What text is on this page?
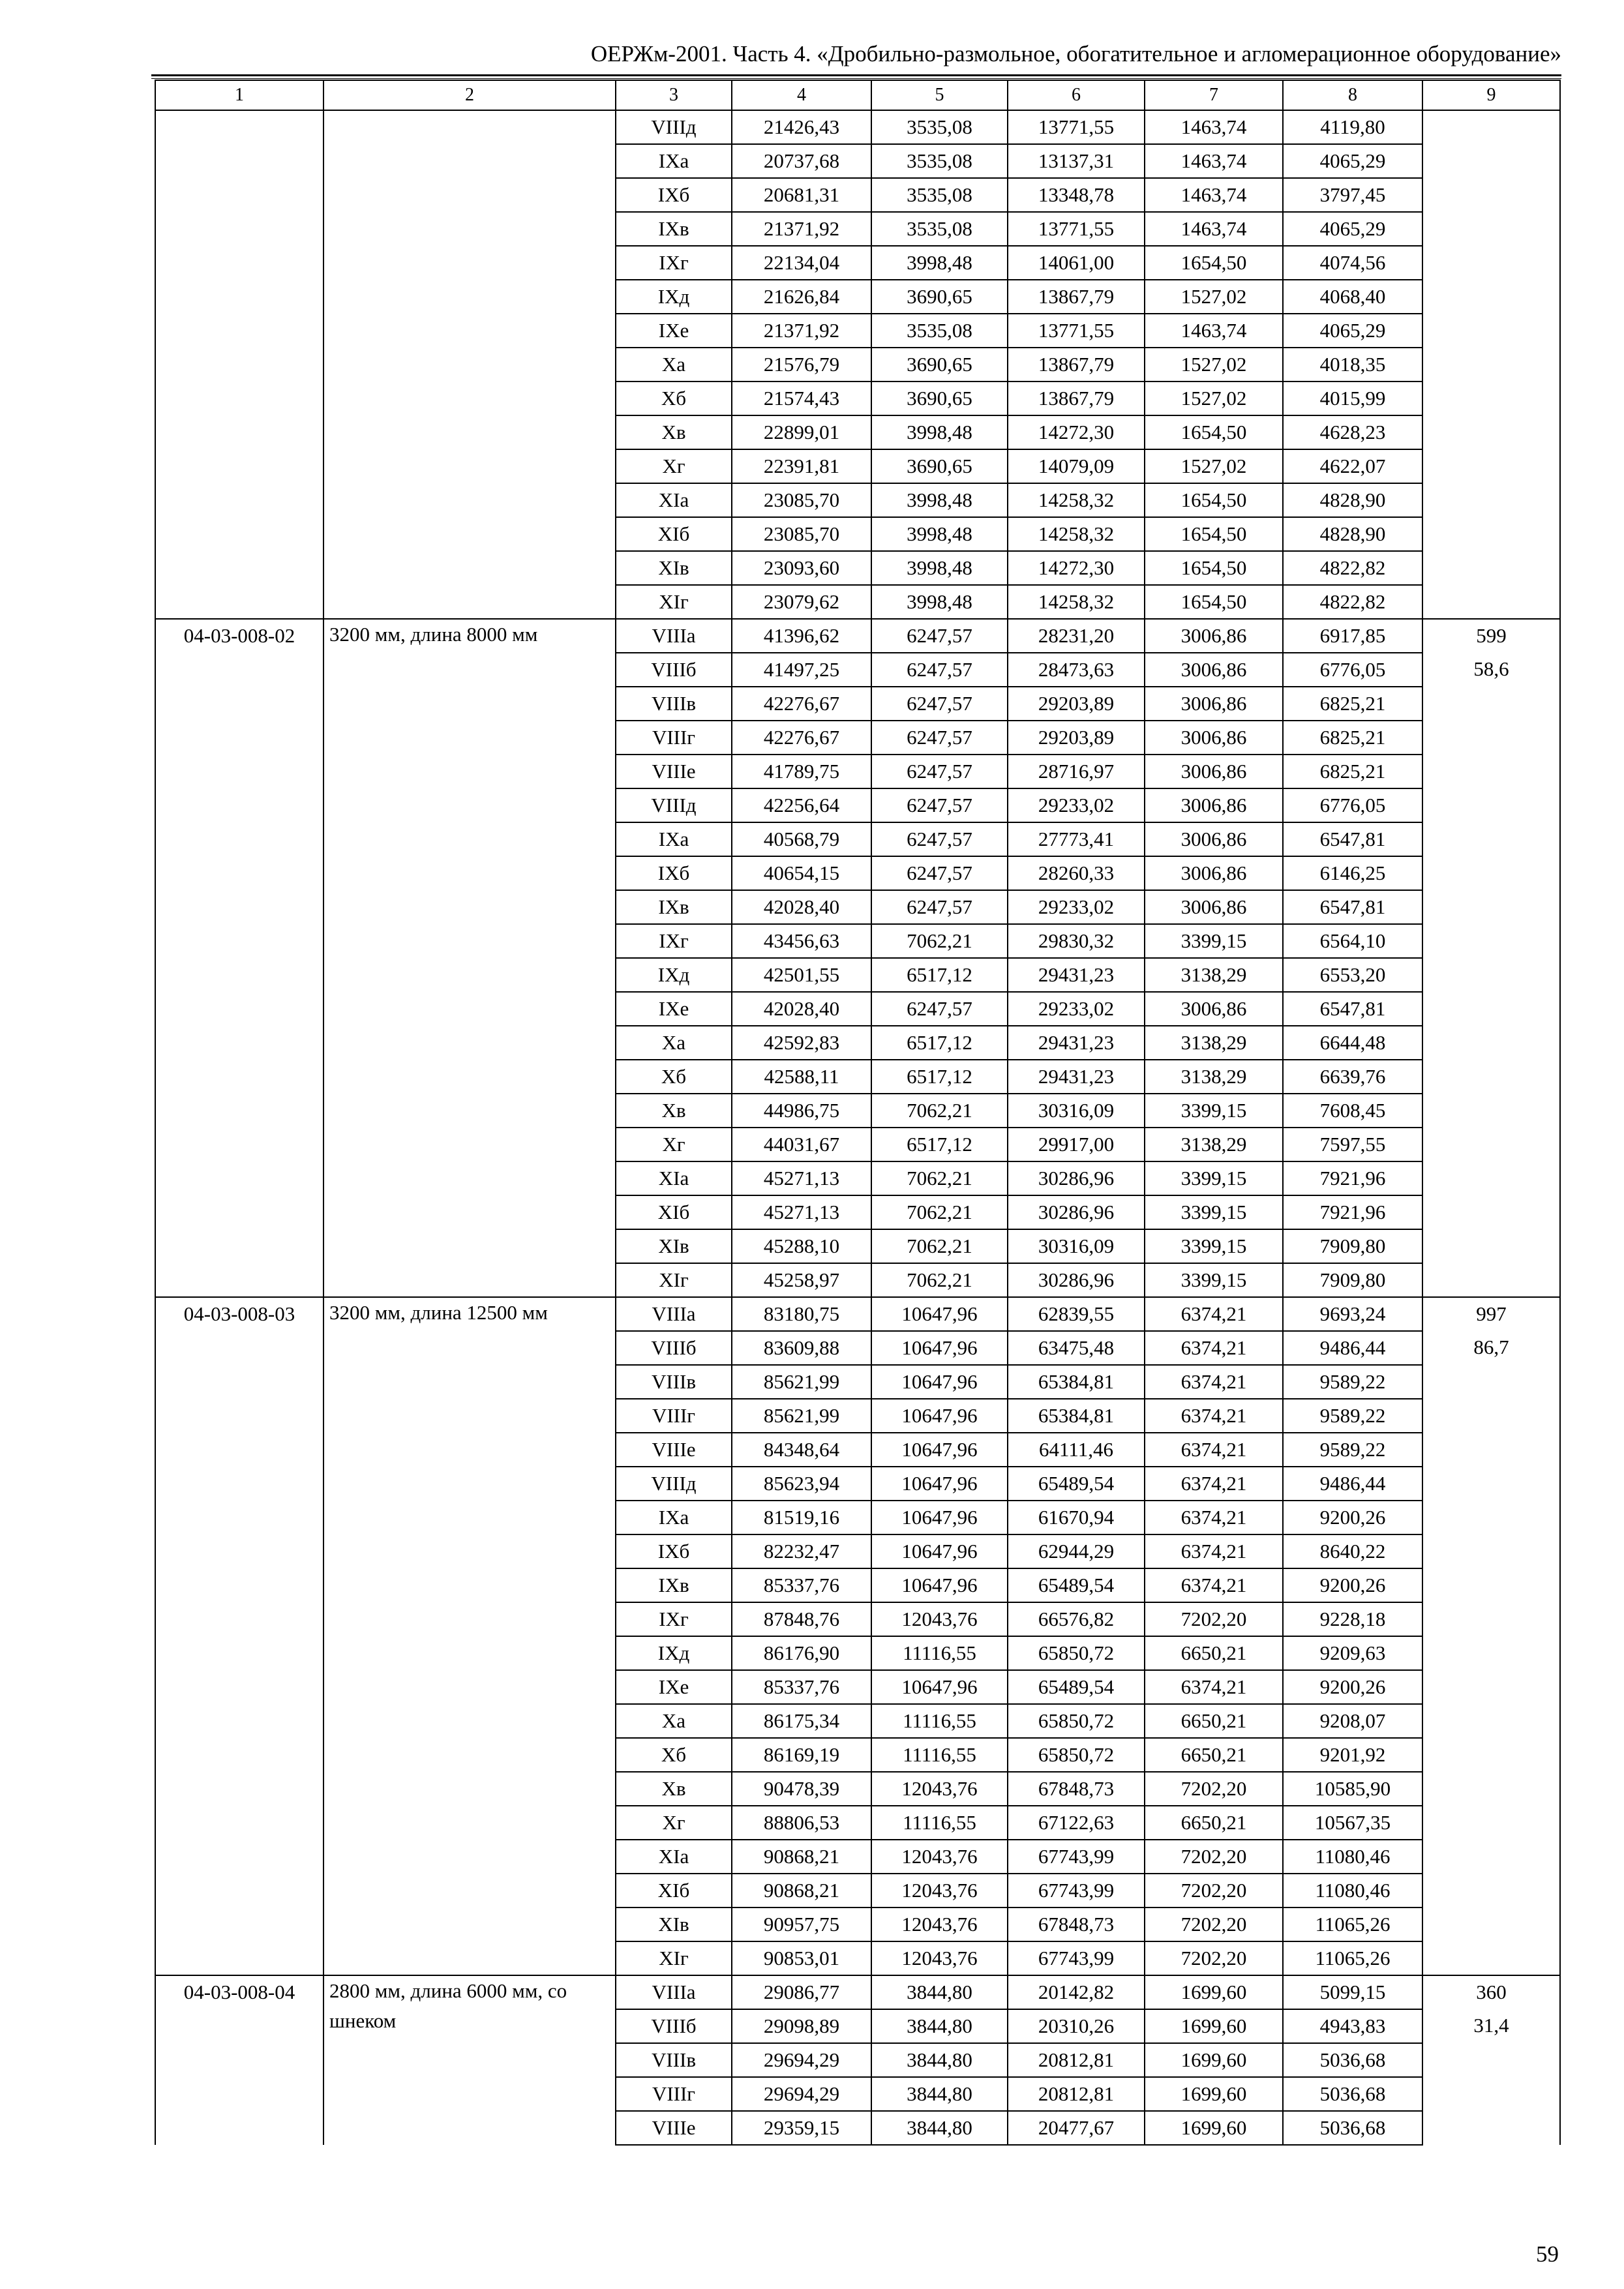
ОЕРЖм-2001. Часть 4. «Дробильно-размольное, обогатительное и агломерационное оборудование»
1	2	3	4	5	6	7	8	9
		VIIIд	21426,43	3535,08	13771,55	1463,74	4119,80	
		IXа	20737,68	3535,08	13137,31	1463,74	4065,29	
		IXб	20681,31	3535,08	13348,78	1463,74	3797,45	
		IXв	21371,92	3535,08	13771,55	1463,74	4065,29	
		IXг	22134,04	3998,48	14061,00	1654,50	4074,56	
		IXд	21626,84	3690,65	13867,79	1527,02	4068,40	
		IXе	21371,92	3535,08	13771,55	1463,74	4065,29	
		Xа	21576,79	3690,65	13867,79	1527,02	4018,35	
		Xб	21574,43	3690,65	13867,79	1527,02	4015,99	
		Xв	22899,01	3998,48	14272,30	1654,50	4628,23	
		Xг	22391,81	3690,65	14079,09	1527,02	4622,07	
		XIа	23085,70	3998,48	14258,32	1654,50	4828,90	
		XIб	23085,70	3998,48	14258,32	1654,50	4828,90	
		XIв	23093,60	3998,48	14272,30	1654,50	4822,82	
		XIг	23079,62	3998,48	14258,32	1654,50	4822,82	
04-03-008-02	3200 мм, длина 8000 мм	VIIIа	41396,62	6247,57	28231,20	3006,86	6917,85	599
		VIIIб	41497,25	6247,57	28473,63	3006,86	6776,05	58,6
		VIIIв	42276,67	6247,57	29203,89	3006,86	6825,21	
		VIIIг	42276,67	6247,57	29203,89	3006,86	6825,21	
		VIIIе	41789,75	6247,57	28716,97	3006,86	6825,21	
		VIIIд	42256,64	6247,57	29233,02	3006,86	6776,05	
		IXа	40568,79	6247,57	27773,41	3006,86	6547,81	
		IXб	40654,15	6247,57	28260,33	3006,86	6146,25	
		IXв	42028,40	6247,57	29233,02	3006,86	6547,81	
		IXг	43456,63	7062,21	29830,32	3399,15	6564,10	
		IXд	42501,55	6517,12	29431,23	3138,29	6553,20	
		IXе	42028,40	6247,57	29233,02	3006,86	6547,81	
		Xа	42592,83	6517,12	29431,23	3138,29	6644,48	
		Xб	42588,11	6517,12	29431,23	3138,29	6639,76	
		Xв	44986,75	7062,21	30316,09	3399,15	7608,45	
		Xг	44031,67	6517,12	29917,00	3138,29	7597,55	
		XIа	45271,13	7062,21	30286,96	3399,15	7921,96	
		XIб	45271,13	7062,21	30286,96	3399,15	7921,96	
		XIв	45288,10	7062,21	30316,09	3399,15	7909,80	
		XIг	45258,97	7062,21	30286,96	3399,15	7909,80	
04-03-008-03	3200 мм, длина 12500 мм	VIIIа	83180,75	10647,96	62839,55	6374,21	9693,24	997
		VIIIб	83609,88	10647,96	63475,48	6374,21	9486,44	86,7
		VIIIв	85621,99	10647,96	65384,81	6374,21	9589,22	
		VIIIг	85621,99	10647,96	65384,81	6374,21	9589,22	
		VIIIе	84348,64	10647,96	64111,46	6374,21	9589,22	
		VIIIд	85623,94	10647,96	65489,54	6374,21	9486,44	
		IXа	81519,16	10647,96	61670,94	6374,21	9200,26	
		IXб	82232,47	10647,96	62944,29	6374,21	8640,22	
		IXв	85337,76	10647,96	65489,54	6374,21	9200,26	
		IXг	87848,76	12043,76	66576,82	7202,20	9228,18	
		IXд	86176,90	11116,55	65850,72	6650,21	9209,63	
		IXе	85337,76	10647,96	65489,54	6374,21	9200,26	
		Xа	86175,34	11116,55	65850,72	6650,21	9208,07	
		Xб	86169,19	11116,55	65850,72	6650,21	9201,92	
		Xв	90478,39	12043,76	67848,73	7202,20	10585,90	
		Xг	88806,53	11116,55	67122,63	6650,21	10567,35	
		XIа	90868,21	12043,76	67743,99	7202,20	11080,46	
		XIб	90868,21	12043,76	67743,99	7202,20	11080,46	
		XIв	90957,75	12043,76	67848,73	7202,20	11065,26	
		XIг	90853,01	12043,76	67743,99	7202,20	11065,26	
04-03-008-04	2800 мм, длина 6000 мм, со шнеком	VIIIа	29086,77	3844,80	20142,82	1699,60	5099,15	360
		VIIIб	29098,89	3844,80	20310,26	1699,60	4943,83	31,4
		VIIIв	29694,29	3844,80	20812,81	1699,60	5036,68	
		VIIIг	29694,29	3844,80	20812,81	1699,60	5036,68	
		VIIIе	29359,15	3844,80	20477,67	1699,60	5036,68	
59
